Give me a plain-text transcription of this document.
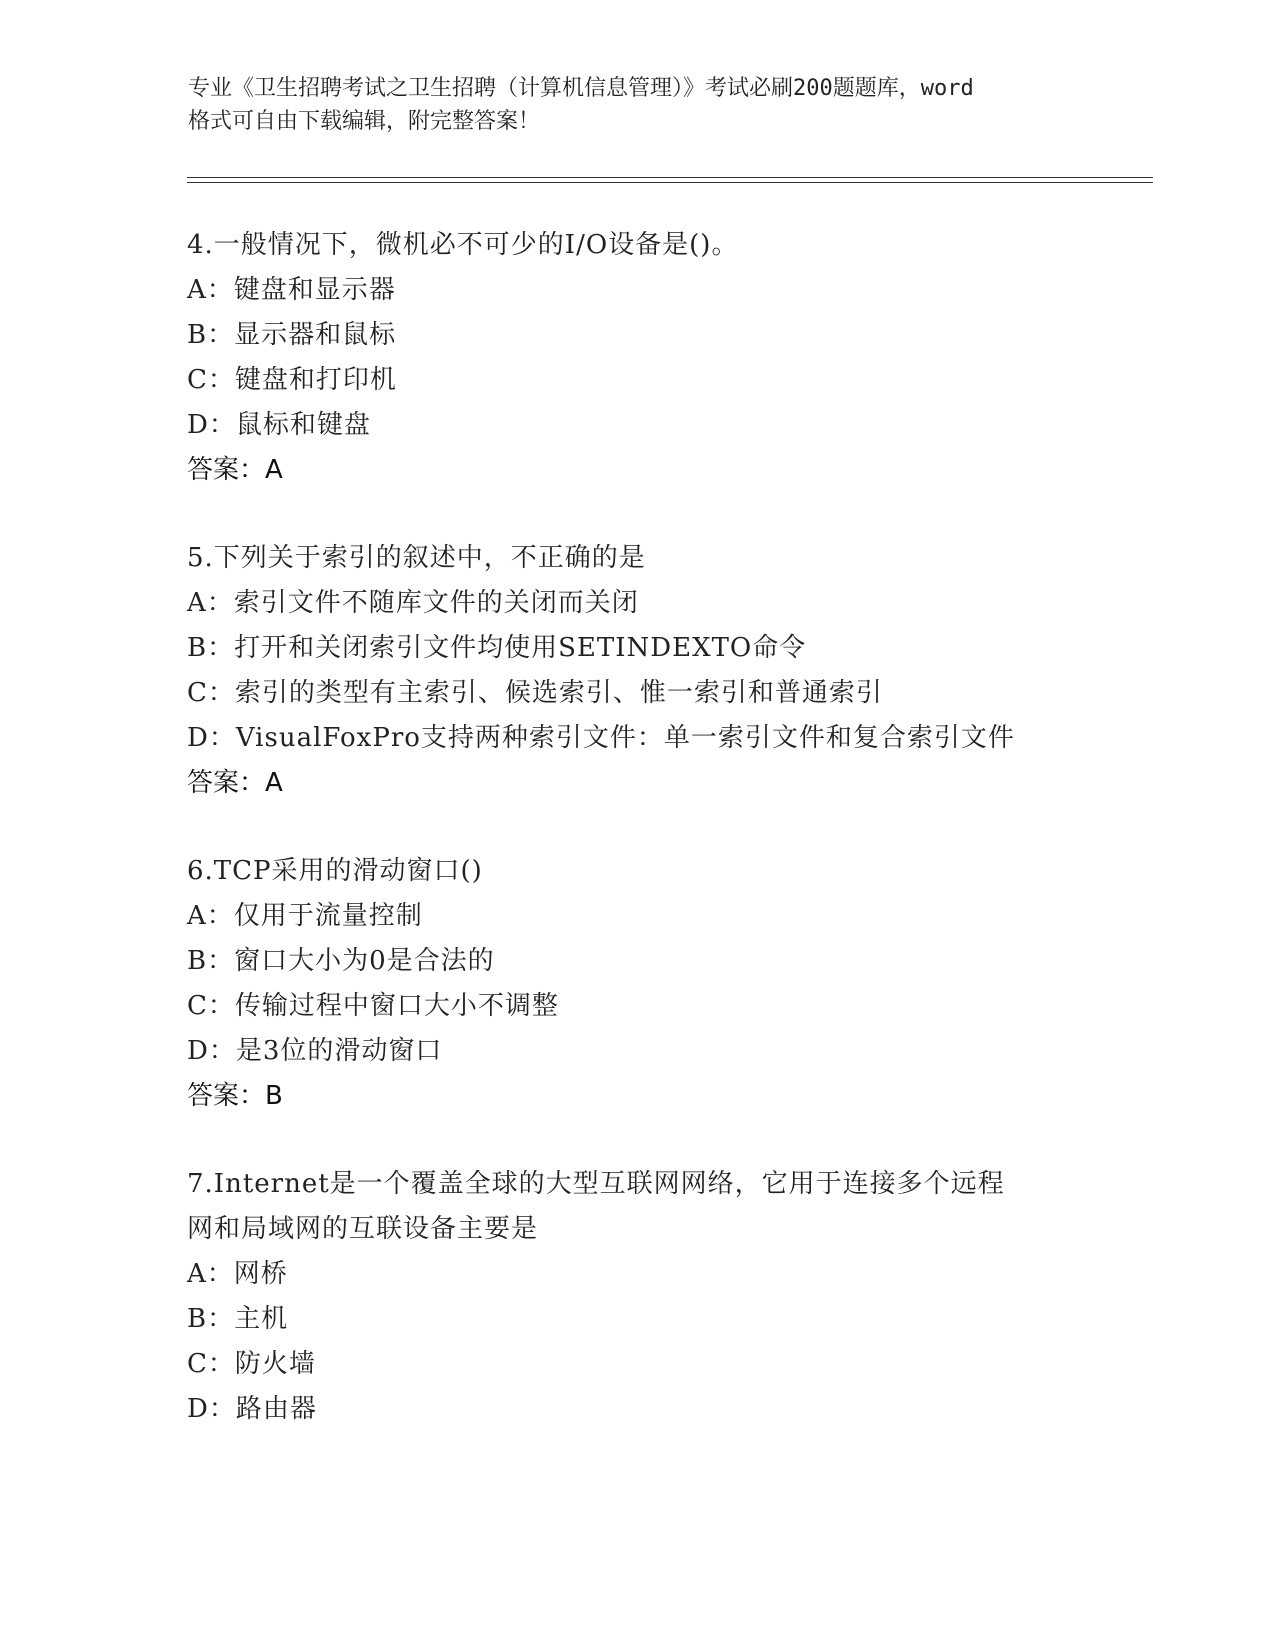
专业《卫生招聘考试之卫生招聘（计算机信息管理）》考试必刷200题题库，word
格式可自由下载编辑，附完整答案！
4.一般情况下，微机必不可少的I/O设备是()。
A：键盘和显示器
B：显示器和鼠标
C：键盘和打印机
D：鼠标和键盘
答案：A
5.下列关于索引的叙述中，不正确的是
A：索引文件不随库文件的关闭而关闭
B：打开和关闭索引文件均使用SETINDEXTO命令
C：索引的类型有主索引、候选索引、惟一索引和普通索引
D：VisualFoxPro支持两种索引文件：单一索引文件和复合索引文件
答案：A
6.TCP采用的滑动窗口()
A：仅用于流量控制
B：窗口大小为0是合法的
C：传输过程中窗口大小不调整
D：是3位的滑动窗口
答案：B
7.Internet是一个覆盖全球的大型互联网网络，它用于连接多个远程
网和局域网的互联设备主要是
A：网桥
B：主机
C：防火墙
D：路由器
